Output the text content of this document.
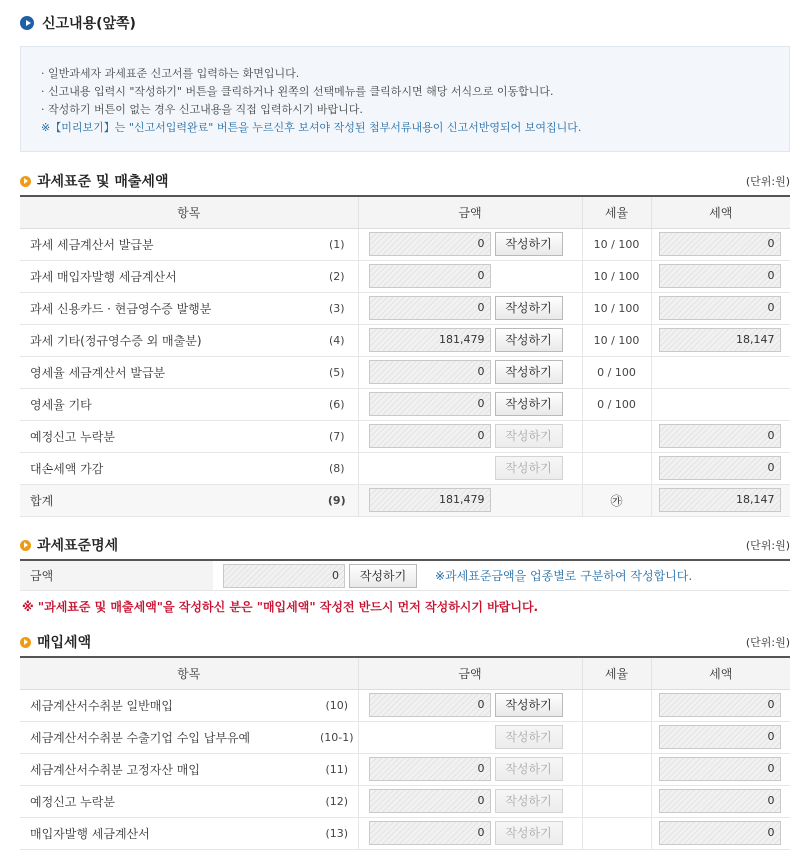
신고내용(앞쪽)
· 일반과세자 과세표준 신고서를 입력하는 화면입니다.
· 신고내용 입력시 "작성하기" 버튼을 클릭하거나 왼쪽의 선택메뉴를 클릭하시면 해당 서식으로 이동합니다.
· 작성하기 버튼이 없는 경우 신고내용을 직접 입력하시기 바랍니다.
※【미리보기】는 "신고서입력완료" 버튼을 누르신후 보셔야 작성된 첨부서류내용이 신고서반영되어 보여집니다.
과세표준 및 매출세액	(단위:원)
항목		금액	세율	세액
과세 세금계산서 발급분	(1)	0 작성하기	10 / 100	0
과세 매입자발행 세금계산서	(2)	0	10 / 100	0
과세 신용카드 · 현금영수증 발행분	(3)	0 작성하기	10 / 100	0
과세 기타(정규영수증 외 매출분)	(4)	181,479 작성하기	10 / 100	18,147
영세율 세금계산서 발급분	(5)	0 작성하기	0 / 100	
영세율 기타	(6)	0 작성하기	0 / 100	
예정신고 누락분	(7)	0 작성하기		0
대손세액 가감	(8)	작성하기		0
합계	(9)	181,479	㉮	18,147
과세표준명세	(단위:원)
금액	0	작성하기	※과세표준금액을 업종별로 구분하여 작성합니다.
※ "과세표준 및 매출세액"을 작성하신 분은 "매입세액" 작성전 반드시 먼저 작성하시기 바랍니다.
매입세액	(단위:원)
항목		금액	세율	세액
세금계산서수취분 일반매입	(10)	0 작성하기		0
세금계산서수취분 수출기업 수입 납부유예	(10-1)	작성하기		0
세금계산서수취분 고정자산 매입	(11)	0 작성하기		0
예정신고 누락분	(12)	0 작성하기		0
매입자발행 세금계산서	(13)	0 작성하기		0
